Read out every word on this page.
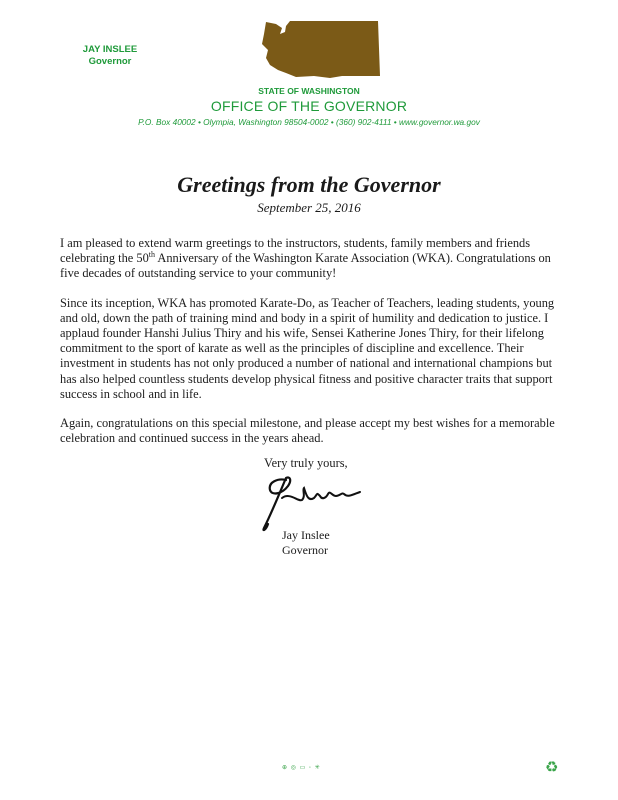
JAY INSLEE
Governor
STATE OF WASHINGTON
OFFICE OF THE GOVERNOR
P.O. Box 40002 • Olympia, Washington 98504-0002 • (360) 902-4111 • www.governor.wa.gov
Greetings from the Governor
September 25, 2016

I am pleased to extend warm greetings to the instructors, students, family members and friends celebrating the 50th Anniversary of the Washington Karate Association (WKA). Congratulations on five decades of outstanding service to your community!

Since its inception, WKA has promoted Karate-Do, as Teacher of Teachers, leading students, young and old, down the path of training mind and body in a spirit of humility and dedication to justice. I applaud founder Hanshi Julius Thiry and his wife, Sensei Katherine Jones Thiry, for their lifelong commitment to the sport of karate as well as the principles of discipline and excellence. Their investment in students has not only produced a number of national and international champions but has also helped countless students develop physical fitness and positive character traits that support success in school and in life.

Again, congratulations on this special milestone, and please accept my best wishes for a memorable celebration and continued success in the years ahead.

Very truly yours,
Jay Inslee
Governor
⊕ ◎ ▭ ◦ ✳	♻
